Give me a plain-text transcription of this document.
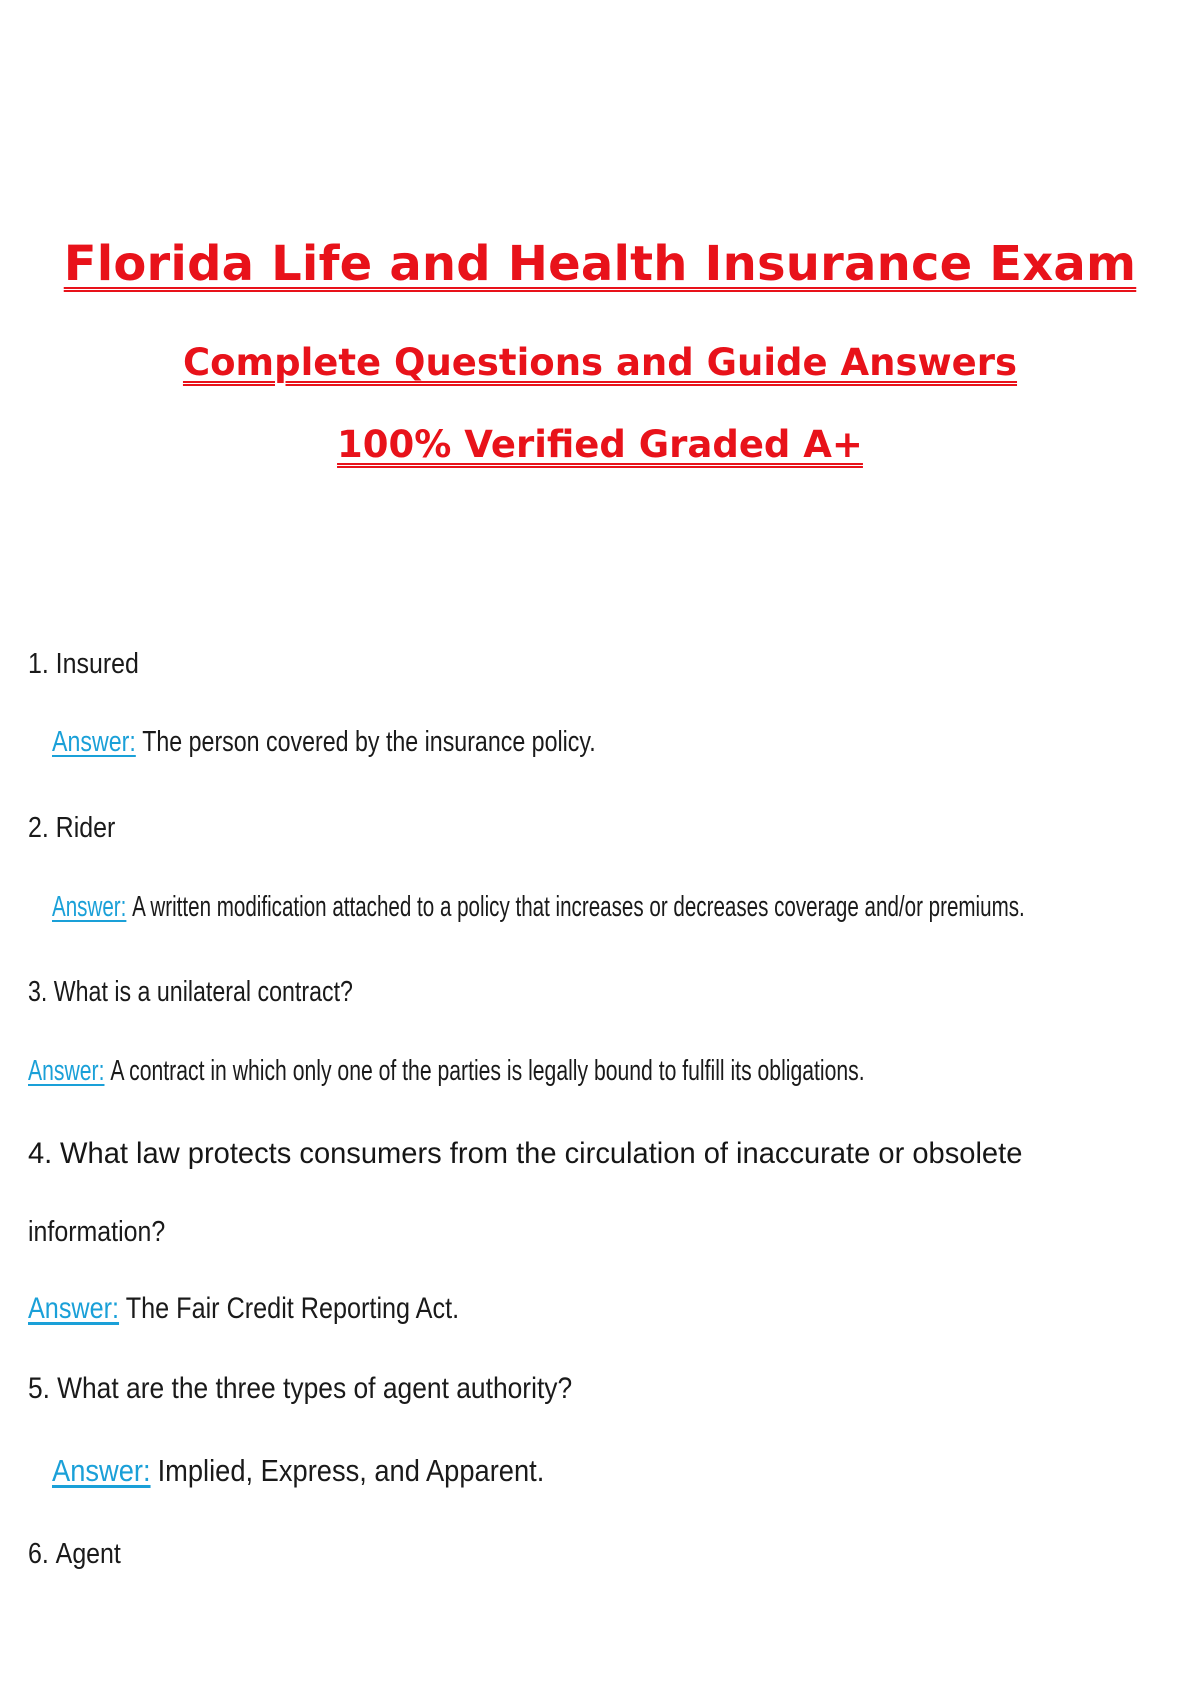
Florida Life and Health Insurance Exam
Complete Questions and Guide Answers
100% Verified Graded A+
1. Insured
Answer: The person covered by the insurance policy.
2. Rider
Answer: A written modification attached to a policy that increases or decreases coverage and/or premiums.
3. What is a unilateral contract?
Answer: A contract in which only one of the parties is legally bound to fulfill its obligations.
4. What law protects consumers from the circulation of inaccurate or obsolete
information?
Answer: The Fair Credit Reporting Act.
5. What are the three types of agent authority?
Answer: Implied, Express, and Apparent.
6. Agent
